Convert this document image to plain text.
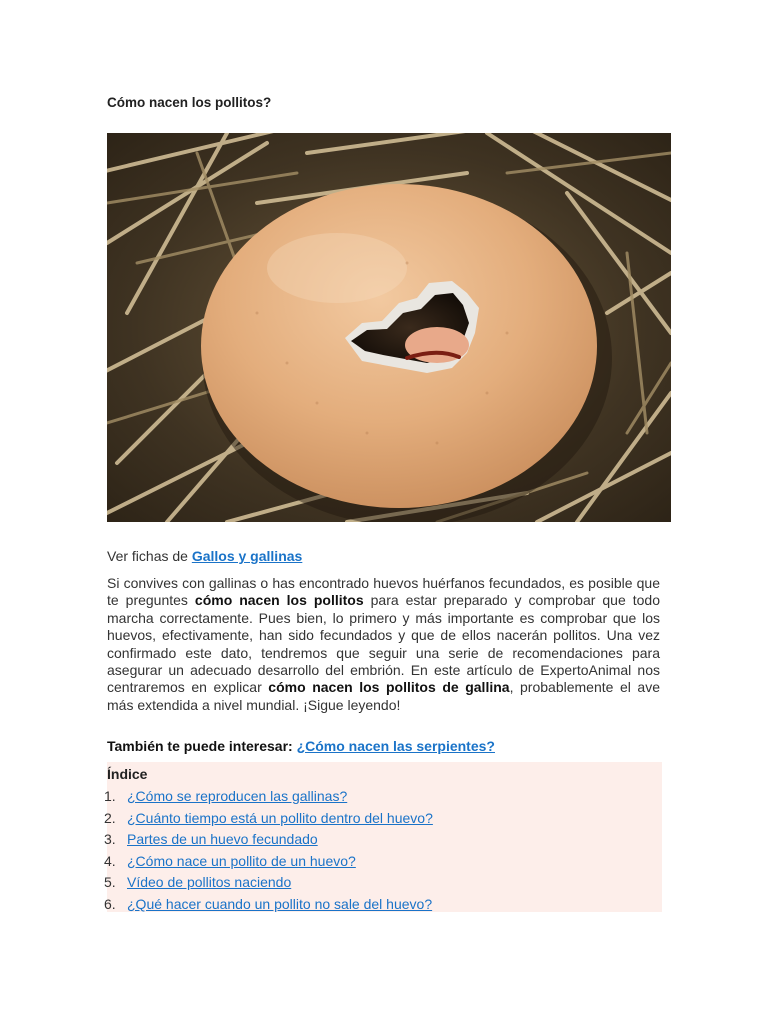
Cómo nacen los pollitos?
Ver fichas de Gallos y gallinas

Si convives con gallinas o has encontrado huevos huérfanos fecundados, es posible que te preguntes cómo nacen los pollitos para estar preparado y comprobar que todo marcha correctamente. Pues bien, lo primero y más importante es comprobar que los huevos, efectivamente, han sido fecundados y que de ellos nacerán pollitos. Una vez confirmado este dato, tendremos que seguir una serie de recomendaciones para asegurar un adecuado desarrollo del embrión. En este artículo de ExpertoAnimal nos centraremos en explicar cómo nacen los pollitos de gallina, probablemente el ave más extendida a nivel mundial. ¡Sigue leyendo!

También te puede interesar: ¿Cómo nacen las serpientes?
Índice
1. ¿Cómo se reproducen las gallinas?
2. ¿Cuánto tiempo está un pollito dentro del huevo?
3. Partes de un huevo fecundado
4. ¿Cómo nace un pollito de un huevo?
5. Vídeo de pollitos naciendo
6. ¿Qué hacer cuando un pollito no sale del huevo?
